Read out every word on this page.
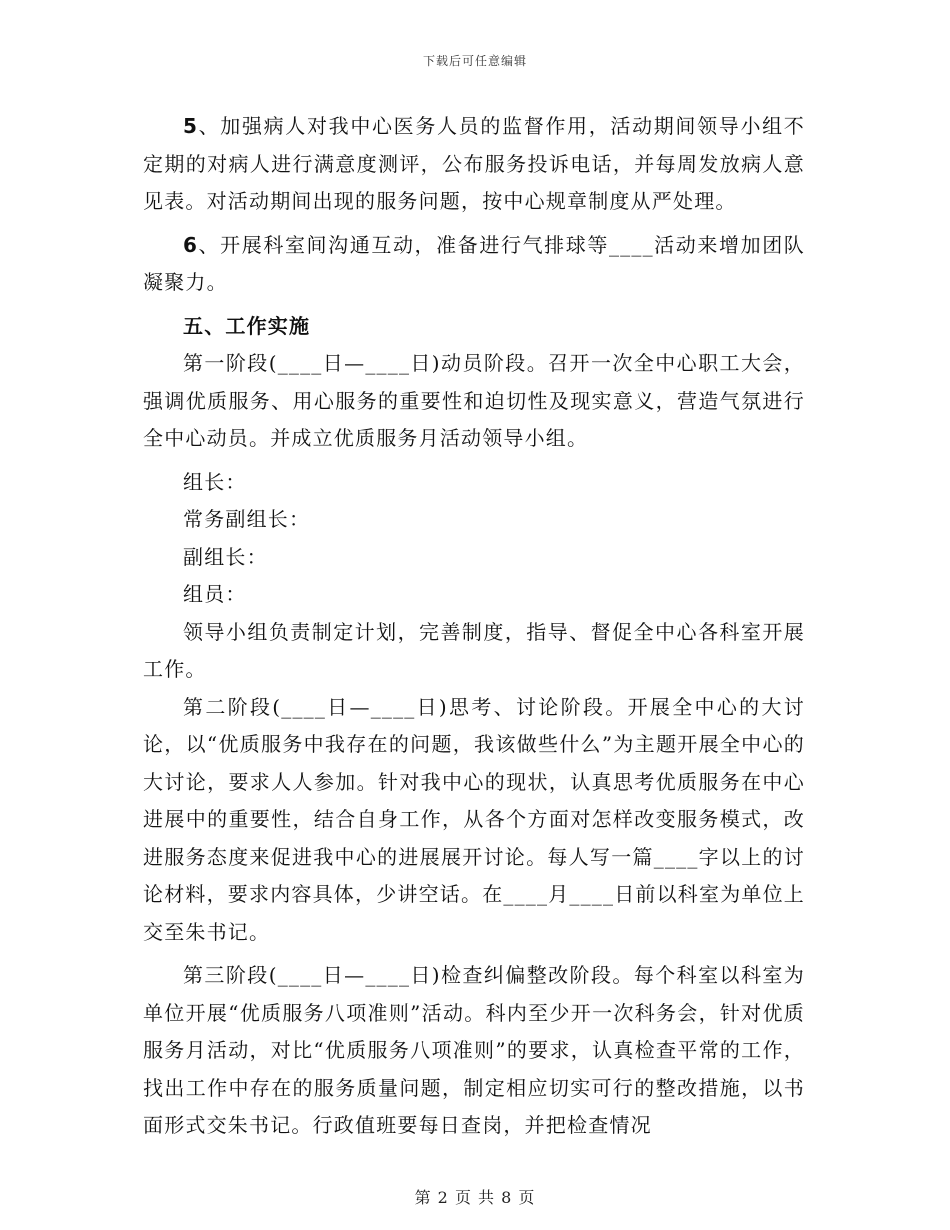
下载后可任意编辑

5、加强病人对我中心医务人员的监督作用，活动期间领导小组不定期的对病人进行满意度测评，公布服务投诉电话，并每周发放病人意见表。对活动期间出现的服务问题，按中心规章制度从严处理。

6、开展科室间沟通互动，准备进行气排球等____活动来增加团队凝聚力。

五、工作实施

第一阶段(____日—____日)动员阶段。召开一次全中心职工大会，强调优质服务、用心服务的重要性和迫切性及现实意义，营造气氛进行全中心动员。并成立优质服务月活动领导小组。

组长：

常务副组长：

副组长：

组员：

领导小组负责制定计划，完善制度，指导、督促全中心各科室开展工作。

第二阶段(____日—____日)思考、讨论阶段。开展全中心的大讨论，以“优质服务中我存在的问题，我该做些什么”为主题开展全中心的大讨论，要求人人参加。针对我中心的现状，认真思考优质服务在中心进展中的重要性，结合自身工作，从各个方面对怎样改变服务模式，改进服务态度来促进我中心的进展展开讨论。每人写一篇____字以上的讨论材料，要求内容具体，少讲空话。在____月____日前以科室为单位上交至朱书记。

第三阶段(____日—____日)检查纠偏整改阶段。每个科室以科室为单位开展“优质服务八项准则”活动。科内至少开一次科务会，针对优质服务月活动，对比“优质服务八项准则”的要求，认真检查平常的工作，找出工作中存在的服务质量问题，制定相应切实可行的整改措施，以书面形式交朱书记。行政值班要每日查岗，并把检查情况

第 2 页 共 8 页
